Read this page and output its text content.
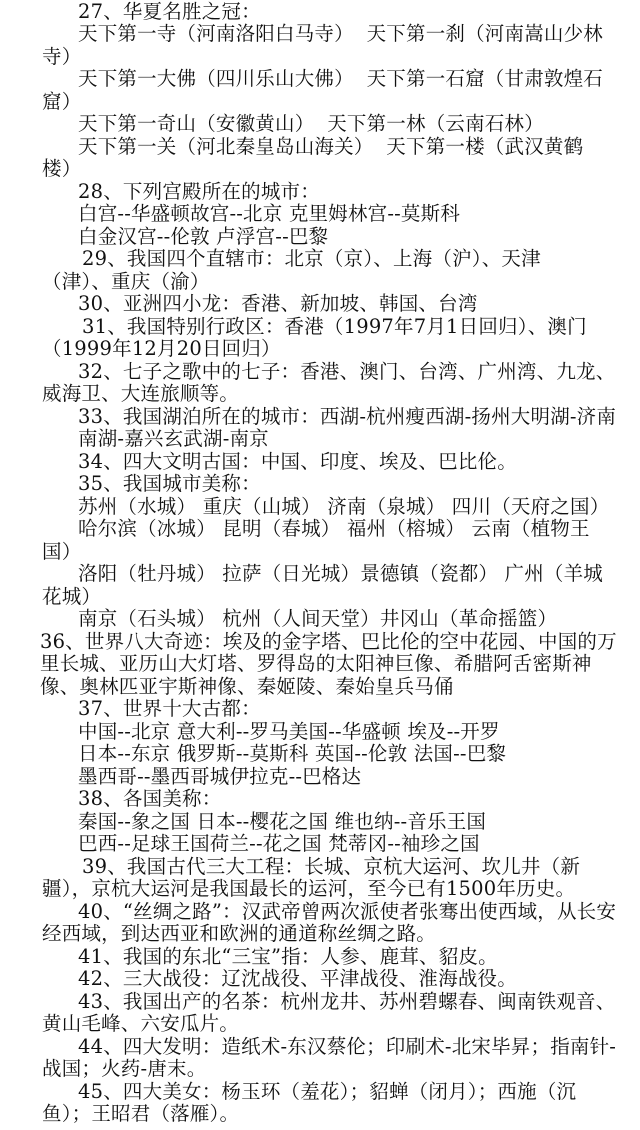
27、华夏名胜之冠：
天下第一寺（河南洛阳白马寺）  天下第一刹（河南嵩山少林
寺）
天下第一大佛（四川乐山大佛）  天下第一石窟（甘肃敦煌石
窟）
天下第一奇山（安徽黄山）  天下第一林（云南石林）
天下第一关（河北秦皇岛山海关）  天下第一楼（武汉黄鹤
楼）
28、下列宫殿所在的城市：
白宫--华盛顿故宫--北京 克里姆林宫--莫斯科
白金汉宫--伦敦 卢浮宫--巴黎
29、我国四个直辖市：北京（京）、上海（沪）、天津
（津）、重庆（渝）
30、亚洲四小龙：香港、新加坡、韩国、台湾
31、我国特别行政区：香港（1997年7月1日回归）、澳门
（1999年12月20日回归）
32、七子之歌中的七子：香港、澳门、台湾、广州湾、九龙、
威海卫、大连旅顺等。
33、我国湖泊所在的城市：西湖-杭州瘦西湖-扬州大明湖-济南
南湖-嘉兴玄武湖-南京
34、四大文明古国：中国、印度、埃及、巴比伦。
35、我国城市美称：
苏州（水城） 重庆（山城） 济南（泉城） 四川（天府之国）
哈尔滨（冰城） 昆明（春城） 福州（榕城） 云南（植物王
国）
洛阳（牡丹城） 拉萨（日光城）景德镇（瓷都） 广州（羊城
花城）
南京（石头城） 杭州（人间天堂）井冈山（革命摇篮）
36、世界八大奇迹：埃及的金字塔、巴比伦的空中花园、中国的万
里长城、亚历山大灯塔、罗得岛的太阳神巨像、希腊阿舌密斯神
像、奥林匹亚宇斯神像、秦姬陵、秦始皇兵马俑
37、世界十大古都：
中国--北京 意大利--罗马美国--华盛顿 埃及--开罗
日本--东京 俄罗斯--莫斯科 英国--伦敦 法国--巴黎
墨西哥--墨西哥城伊拉克--巴格达
38、各国美称：
秦国--象之国 日本--樱花之国 维也纳--音乐王国
巴西--足球王国荷兰--花之国 梵蒂冈--袖珍之国
39、我国古代三大工程：长城、京杭大运河、坎儿井（新
疆），京杭大运河是我国最长的运河，至今已有1500年历史。
40、“丝绸之路”：汉武帝曾两次派使者张骞出使西域，从长安
经西域，到达西亚和欧洲的通道称丝绸之路。
41、我国的东北“三宝”指：人参、鹿茸、貂皮。
42、三大战役：辽沈战役、平津战役、淮海战役。
43、我国出产的名茶：杭州龙井、苏州碧螺春、闽南铁观音、
黄山毛峰、六安瓜片。
44、四大发明：造纸术-东汉蔡伦；印刷术-北宋毕昇；指南针-
战国；火药-唐末。
45、四大美女：杨玉环（羞花）；貂蝉（闭月）；西施（沉
鱼）；王昭君（落雁）。
